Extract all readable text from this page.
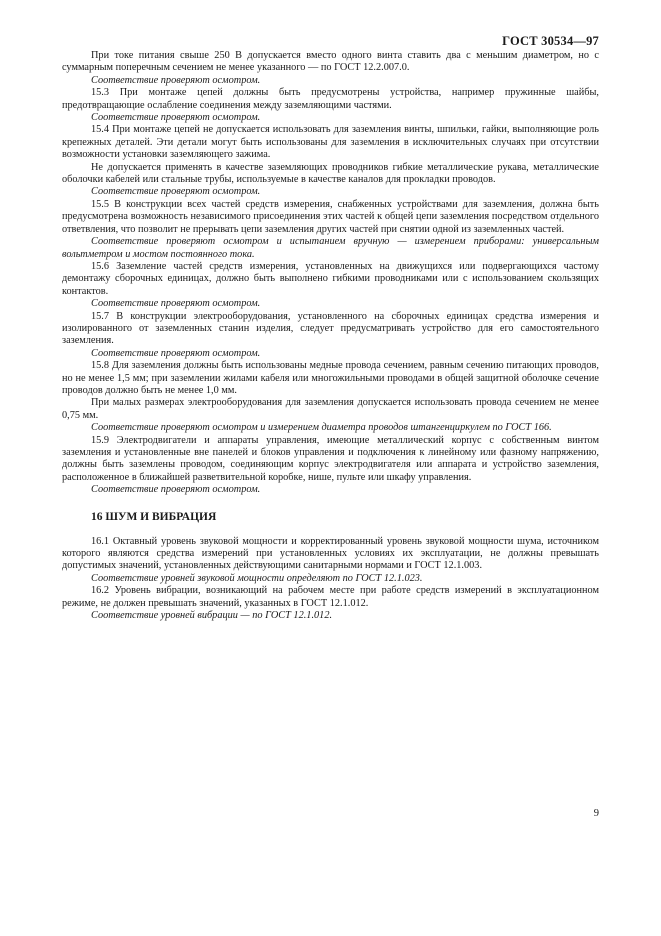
ГОСТ 30534—97

При токе питания свыше 250 В допускается вместо одного винта ставить два с меньшим диаметром, но с суммарным поперечным сечением не менее указанного — по ГОСТ 12.2.007.0.

Соответствие проверяют осмотром.

15.3 При монтаже цепей должны быть предусмотрены устройства, например пружинные шайбы, предотвращающие ослабление соединения между заземляющими частями.

Соответствие проверяют осмотром.

15.4 При монтаже цепей не допускается использовать для заземления винты, шпильки, гайки, выполняющие роль крепежных деталей. Эти детали могут быть использованы для заземления в исключительных случаях при отсутствии возможности установки заземляющего зажима.

Не допускается применять в качестве заземляющих проводников гибкие металлические рукава, металлические оболочки кабелей или стальные трубы, используемые в качестве каналов для прокладки проводов.

Соответствие проверяют осмотром.

15.5 В конструкции всех частей средств измерения, снабженных устройствами для заземления, должна быть предусмотрена возможность независимого присоединения этих частей к общей цепи заземления посредством отдельного ответвления, что позволит не прерывать цепи заземления других частей при снятии одной из заземленных частей.

Соответствие проверяют осмотром и испытанием вручную — измерением приборами: универсальным вольтметром и мостом постоянного тока.

15.6 Заземление частей средств измерения, установленных на движущихся или подвергающихся частому демонтажу сборочных единицах, должно быть выполнено гибкими проводниками или с использованием скользящих контактов.

Соответствие проверяют осмотром.

15.7 В конструкции электрооборудования, установленного на сборочных единицах средства измерения и изолированного от заземленных станин изделия, следует предусматривать устройство для его самостоятельного заземления.

Соответствие проверяют осмотром.

15.8 Для заземления должны быть использованы медные провода сечением, равным сечению питающих проводов, но не менее 1,5 мм; при заземлении жилами кабеля или многожильными проводами в общей защитной оболочке сечение проводов должно быть не менее 1,0 мм.

При малых размерах электрооборудования для заземления допускается использовать провода сечением не менее 0,75 мм.

Соответствие проверяют осмотром и измерением диаметра проводов штангенциркулем по ГОСТ 166.

15.9 Электродвигатели и аппараты управления, имеющие металлический корпус с собственным винтом заземления и установленные вне панелей и блоков управления и подключения к линейному или фазному напряжению, должны быть заземлены проводом, соединяющим корпус электродвигателя или аппарата и устройство заземления, расположенное в ближайшей разветвительной коробке, нише, пульте или шкафу управления.

Соответствие проверяют осмотром.

16 ШУМ И ВИБРАЦИЯ

16.1 Октавный уровень звуковой мощности и корректированный уровень звуковой мощности шума, источником которого являются средства измерений при установленных условиях их эксплуатации, не должны превышать допустимых значений, установленных действующими санитарными нормами и ГОСТ 12.1.003.

Соответствие уровней звуковой мощности определяют по ГОСТ 12.1.023.

16.2 Уровень вибрации, возникающий на рабочем месте при работе средств измерений в эксплуатационном режиме, не должен превышать значений, указанных в ГОСТ 12.1.012.

Соответствие уровней вибрации — по ГОСТ 12.1.012.

9
